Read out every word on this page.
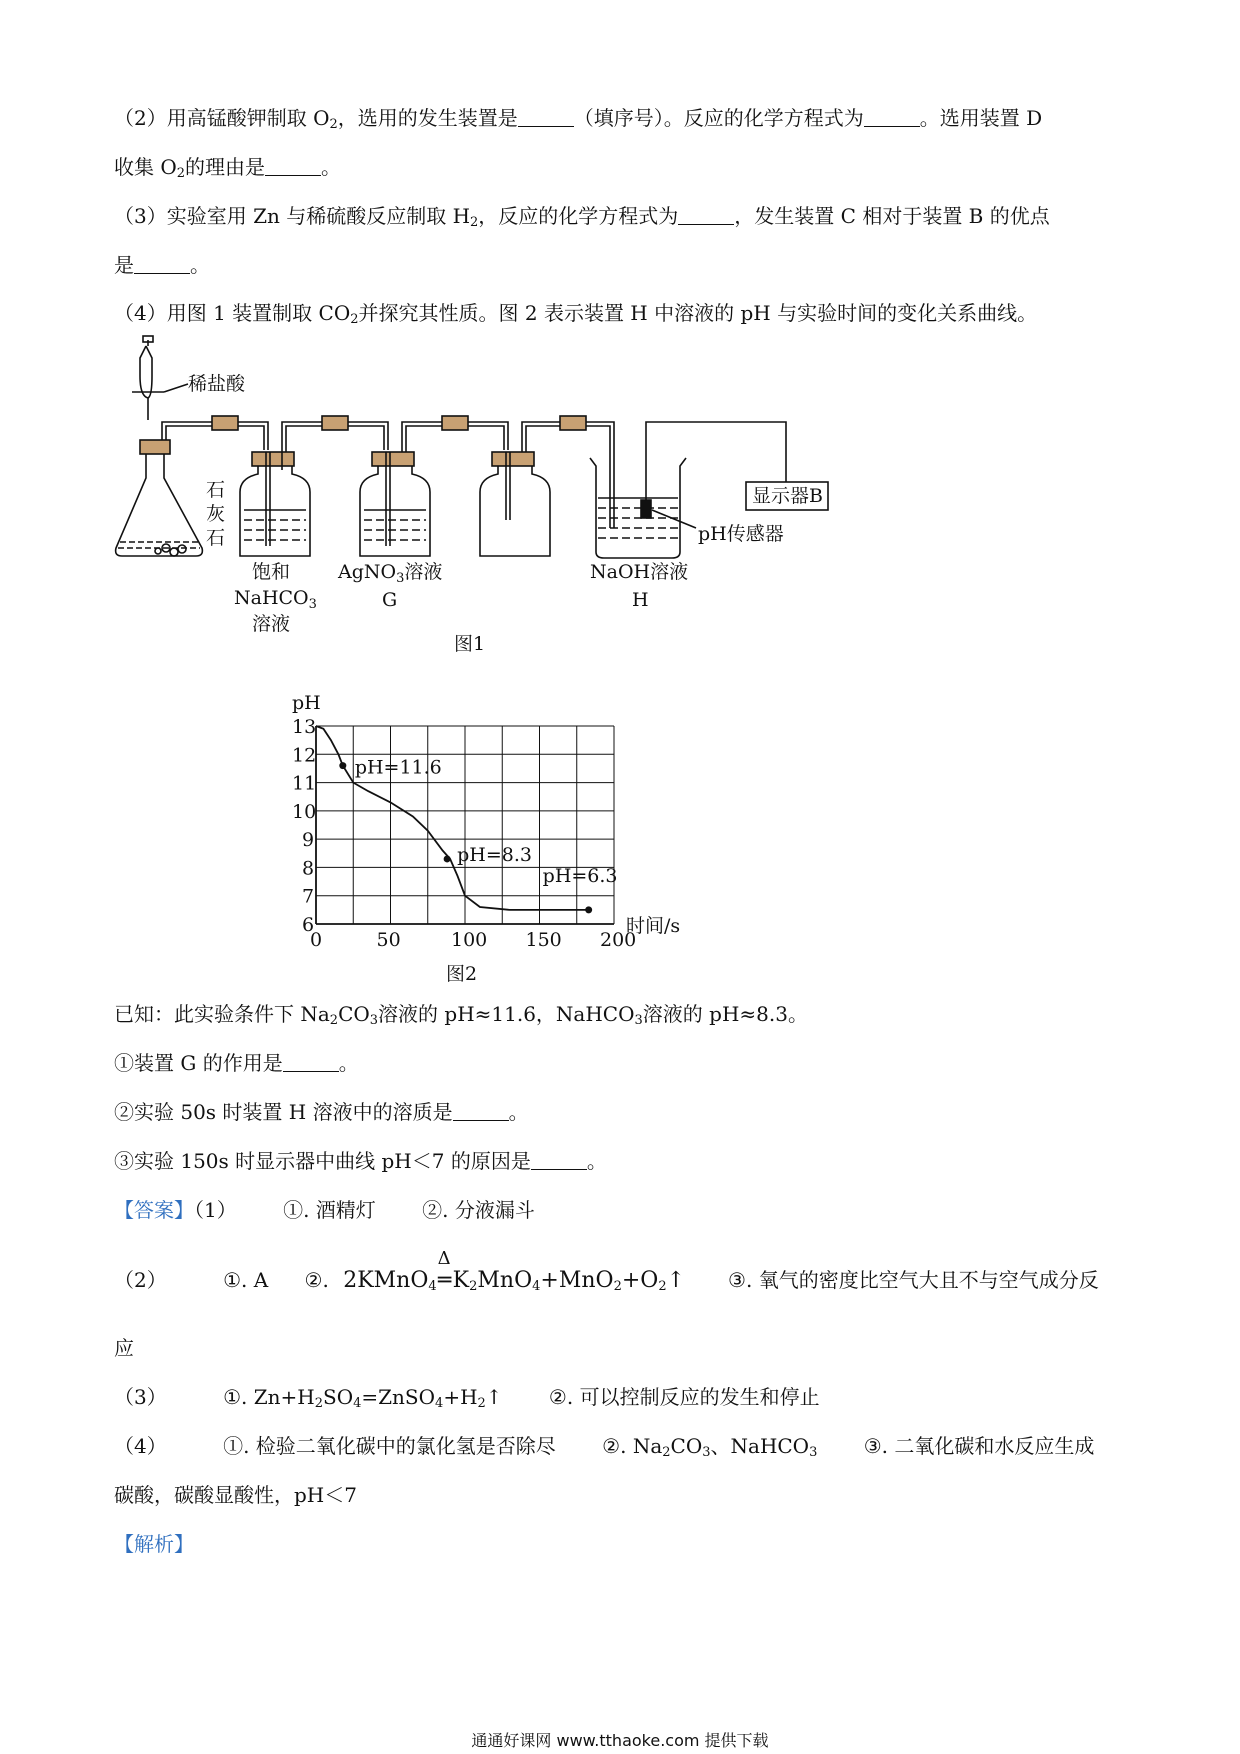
（2）用高锰酸钾制取 $O_2$，选用的发生装置是	（填序号）。反应的化学方程式为	。选用装置 D
收集 $O_2$的理由是	。
（3）实验室用 Zn 与稀硫酸反应制取 $H_2$，反应的化学方程式为	，发生装置 C 相对于装置 B 的优点
是	。
（4）用图 1 装置制取 $CO_2$并探究其性质。图 2 表示装置 H 中溶液的 pH 与实验时间的变化关系曲线。
稀盐酸
石
灰
石
饱和
NaHCO$_3$
溶液
AgNO$_3$溶液
G
NaOH溶液
H
显示器B
pH传感器
图1
0	50	100 150 200
6
7
8
9
10
11
12
13
pH
时间/s
pH=11.6
pH=8.3
pH=6.3
图2
已知：此实验条件下 $Na_2CO_3$溶液的 pH≈11.6，NaHCO$_3$溶液的 pH≈8.3。
①装置 G 的作用是	。
②实验 50s 时装置 H 溶液中的溶质是	。
③实验 150s 时显示器中曲线 pH＜7 的原因是	。
【答案】（1） ①. 酒精灯 ②. 分液漏斗
（2）	①. A ②. 2KMnO$_4$
Δ
$═K_2MnO_4+MnO_2+O_2↑$ ③. 氧气的密度比空气大且不与空气成分反
应
（3）	①. $Zn+H_2SO_4=ZnSO_4+H_2↑$ ②. 可以控制反应的发生和停止
（4）	①. 检验二氧化碳中的氯化氢是否除尽 ②. $Na_2CO_3$、NaHCO$_3$ ③. 二氧化碳和水反应生成
碳酸，碳酸显酸性，pH＜7
【解析】
通通好课网 www.tthaoke.com 提供下载
